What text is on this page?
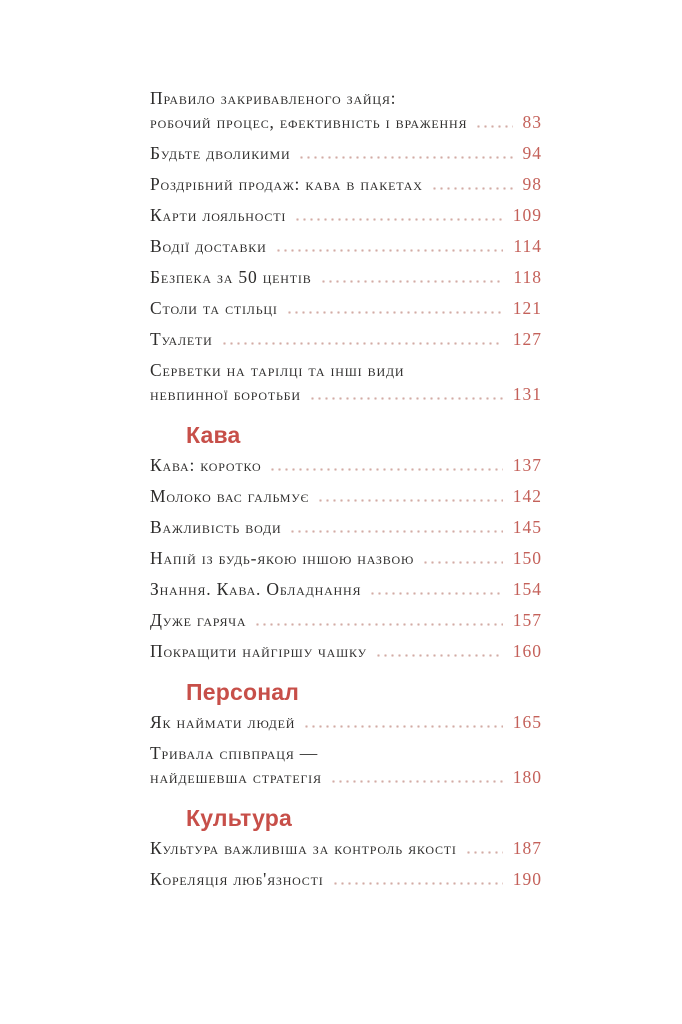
Правило закривавленого зайця:
робочий процес, ефективність і враження	83
Будьте дволикими	94
Роздрібний продаж: кава в пакетах	98
Карти лояльності	109
Водії доставки	114
Безпека за 50 центів	118
Столи та стільці	121
Туалети	127
Серветки на тарілці та інші види
невпинної боротьби	131
Кава
Кава: коротко	137
Молоко вас гальмує	142
Важливість води	145
Напій із будь-якою іншою назвою	150
Знання. Кава. Обладнання	154
Дуже гаряча	157
Покращити найгіршу чашку	160
Персонал
Як наймати людей	165
Тривала співпраця —
найдешевша стратегія	180
Культура
Культура важливіша за контроль якості	187
Кореляція люб'язності	190
